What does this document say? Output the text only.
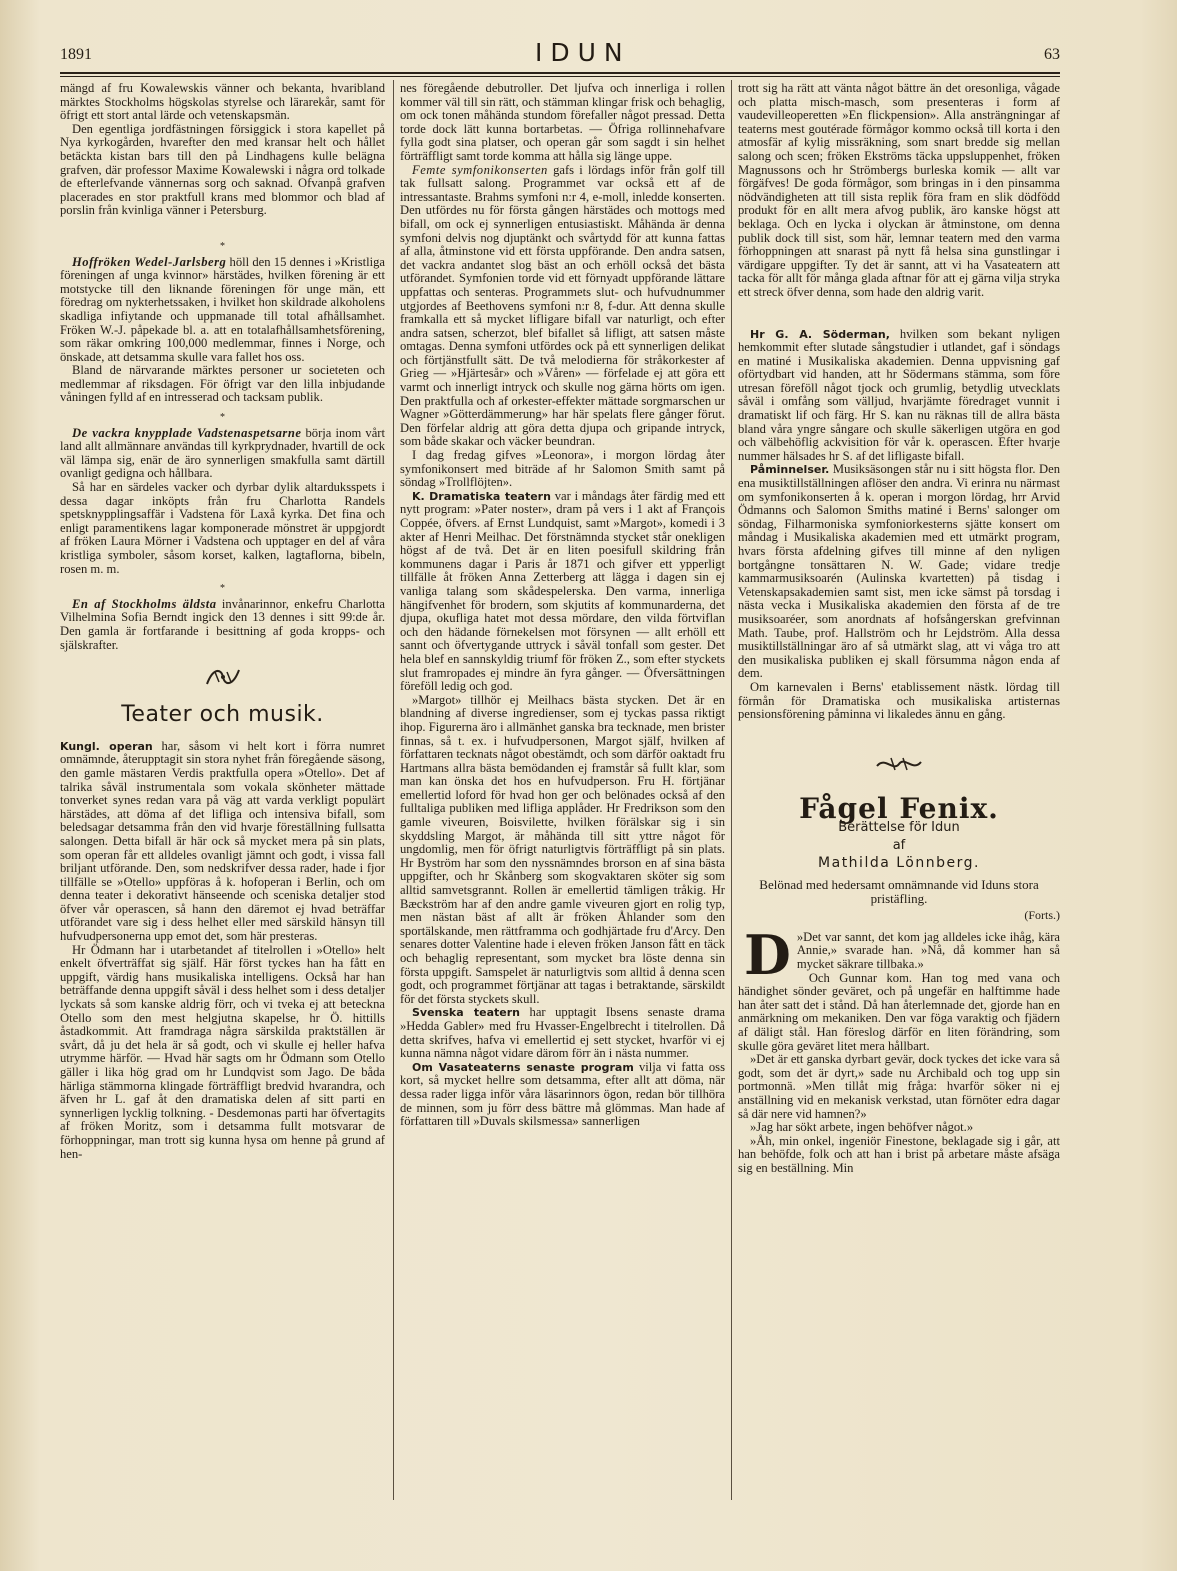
1891	IDUN	63

mängd af fru Kowalewskis vänner och bekanta, hvaribland märktes Stockholms högskolas styrelse och lärarekår, samt för öfrigt ett stort antal lärde och vetenskapsmän.

Den egentliga jordfästningen försiggick i stora kapellet på Nya kyrkogården, hvarefter den med kransar helt och hållet betäckta kistan bars till den på Lindhagens kulle belägna grafven, där professor Maxime Kowalewski i några ord tolkade de efterlefvande vännernas sorg och saknad. Ofvanpå grafven placerades en stor praktfull krans med blommor och blad af porslin från kvinliga vänner i Petersburg.

*

Hoffröken Wedel-Jarlsberg höll den 15 dennes i »Kristliga föreningen af unga kvinnor» härstädes, hvilken förening är ett motstycke till den liknande föreningen för unge män, ett föredrag om nykterhetssaken, i hvilket hon skildrade alkoholens skadliga infiytande och uppmanade till total afhållsamhet. Fröken W.-J. påpekade bl. a. att en totalafhållsamhetsförening, som räkar omkring 100,000 medlemmar, finnes i Norge, och önskade, att detsamma skulle vara fallet hos oss.

Bland de närvarande märktes personer ur societeten och medlemmar af riksdagen. För öfrigt var den lilla inbjudande våningen fylld af en intresserad och tacksam publik.

*

De vackra knypplade Vadstenaspetsarne börja inom vårt land allt allmännare användas till kyrkprydnader, hvartill de ock väl lämpa sig, enär de äro synnerligen smakfulla samt därtill ovanligt gedigna och hållbara.

Så har en särdeles vacker och dyrbar dylik altarduksspets i dessa dagar inköpts från fru Charlotta Randels spetsknypplingsaffär i Vadstena för Laxå kyrka. Det fina och enligt paramentikens lagar komponerade mönstret är uppgjordt af fröken Laura Mörner i Vadstena och upptager en del af våra kristliga symboler, såsom korset, kalken, lagtaflorna, bibeln, rosen m. m.

*

En af Stockholms äldsta invånarinnor, enkefru Charlotta Vilhelmina Sofia Berndt ingick den 13 dennes i sitt 99:de år. Den gamla är fortfarande i besittning af goda kropps- och själskrafter.

Teater och musik.

Kungl. operan har, såsom vi helt kort i förra numret omnämnde, återupptagit sin stora nyhet från föregående säsong, den gamle mästaren Verdis praktfulla opera »Otello». Det af talrika såväl instrumentala som vokala skönheter mättade tonverket synes redan vara på väg att varda verkligt populärt härstädes, att döma af det lifliga och intensiva bifall, som beledsagar detsamma från den vid hvarje föreställning fullsatta salongen. Detta bifall är här ock så mycket mera på sin plats, som operan får ett alldeles ovanligt jämnt och godt, i vissa fall briljant utförande. Den, som nedskrifver dessa rader, hade i fjor tillfälle se »Otello» uppföras å k. hofoperan i Berlin, och om denna teater i dekorativt hänseende och sceniska detaljer stod öfver vår operascen, så hann den däremot ej hvad beträffar utförandet vare sig i dess helhet eller med särskild hänsyn till hufvudpersonerna upp emot det, som här presteras.

Hr Ödmann har i utarbetandet af titelrollen i »Otello» helt enkelt öfverträffat sig själf. Här först tyckes han ha fått en uppgift, värdig hans musikaliska intelligens. Också har han beträffande denna uppgift såväl i dess helhet som i dess detaljer lyckats så som kanske aldrig förr, och vi tveka ej att beteckna Otello som den mest helgjutna skapelse, hr Ö. hittills åstadkommit. Att framdraga några särskilda praktställen är svårt, då ju det hela är så godt, och vi skulle ej heller hafva utrymme härför. — Hvad här sagts om hr Ödmann som Otello gäller i lika hög grad om hr Lundqvist som Jago. De båda härliga stämmorna klingade förträffligt bredvid hvarandra, och äfven hr L. gaf åt den dramatiska delen af sitt parti en synnerligen lycklig tolkning. - Desdemonas parti har öfvertagits af fröken Moritz, som i detsamma fullt motsvarar de förhoppningar, man trott sig kunna hysa om henne på grund af hen-

nes föregående debutroller. Det ljufva och innerliga i rollen kommer väl till sin rätt, och stämman klingar frisk och behaglig, om ock tonen måhända stundom förefaller något pressad. Detta torde dock lätt kunna bortarbetas. — Öfriga rollinnehafvare fylla godt sina platser, och operan går som sagdt i sin helhet förträffligt samt torde komma att hålla sig länge uppe.

Femte symfonikonserten gafs i lördags inför från golf till tak fullsatt salong. Programmet var också ett af de intressantaste. Brahms symfoni n:r 4, e-moll, inledde konserten. Den utfördes nu för första gången härstädes och mottogs med bifall, om ock ej synnerligen entusiastiskt. Måhända är denna symfoni delvis nog djuptänkt och svårtydd för att kunna fattas af alla, åtminstone vid ett första uppförande. Den andra satsen, det vackra andantet slog bäst an och erhöll också det bästa utförandet. Symfonien torde vid ett förnyadt uppförande lättare uppfattas och senteras. Programmets slut- och hufvudnummer utgjordes af Beethovens symfoni n:r 8, f-dur. Att denna skulle framkalla ett så mycket lifligare bifall var naturligt, och efter andra satsen, scherzot, blef bifallet så lifligt, att satsen måste omtagas. Denna symfoni utfördes ock på ett synnerligen delikat och förtjänstfullt sätt. De två melodierna för stråkorkester af Grieg — »Hjärtesår» och »Våren» — förfelade ej att göra ett varmt och innerligt intryck och skulle nog gärna hörts om igen. Den praktfulla och af orkester-effekter mättade sorgmarschen ur Wagner »Götterdämmerung» har här spelats flere gånger förut. Den förfelar aldrig att göra detta djupa och gripande intryck, som både skakar och väcker beundran.

I dag fredag gifves »Leonora», i morgon lördag åter symfonikonsert med biträde af hr Salomon Smith samt på söndag »Trollflöjten».

K. Dramatiska teatern var i måndags åter färdig med ett nytt program: »Pater noster», dram på vers i 1 akt af François Coppée, öfvers. af Ernst Lundquist, samt »Margot», komedi i 3 akter af Henri Meilhac. Det förstnämnda stycket står onekligen högst af de två. Det är en liten poesifull skildring från kommunens dagar i Paris år 1871 och gifver ett ypperligt tillfälle åt fröken Anna Zetterberg att lägga i dagen sin ej vanliga talang som skådespelerska. Den varma, innerliga hängifvenhet för brodern, som skjutits af kommunarderna, det djupa, okufliga hatet mot dessa mördare, den vilda förtviflan och den hädande förnekelsen mot försynen — allt erhöll ett sannt och öfvertygande uttryck i såväl tonfall som gester. Det hela blef en sannskyldig triumf för fröken Z., som efter styckets slut framropades ej mindre än fyra gånger. — Öfversättningen föreföll ledig och god.

»Margot» tillhör ej Meilhacs bästa stycken. Det är en blandning af diverse ingredienser, som ej tyckas passa riktigt ihop. Figurerna äro i allmänhet ganska bra tecknade, men brister finnas, så t. ex. i hufvudpersonen, Margot själf, hvilken af författaren tecknats något obestämdt, och som därför oaktadt fru Hartmans allra bästa bemödanden ej framstår så fullt klar, som man kan önska det hos en hufvudperson. Fru H. förtjänar emellertid loford för hvad hon ger och belönades också af den fulltaliga publiken med lifliga applåder. Hr Fredrikson som den gamle viveuren, Boisvilette, hvilken förälskar sig i sin skyddsling Margot, är måhända till sitt yttre något för ungdomlig, men för öfrigt naturligtvis förträffligt på sin plats. Hr Byström har som den nyssnämndes brorson en af sina bästa uppgifter, och hr Skånberg som skogvaktaren sköter sig som alltid samvetsgrannt. Rollen är emellertid tämligen tråkig. Hr Bæckström har af den andre gamle viveuren gjort en rolig typ, men nästan bäst af allt är fröken Åhlander som den sportälskande, men rättframma och godhjärtade fru d'Arcy. Den senares dotter Valentine hade i eleven fröken Janson fått en täck och behaglig representant, som mycket bra löste denna sin första uppgift. Samspelet är naturligtvis som alltid å denna scen godt, och programmet förtjänar att tagas i betraktande, särskildt för det första styckets skull.

Svenska teatern har upptagit Ibsens senaste drama »Hedda Gabler» med fru Hvasser-Engelbrecht i titelrollen. Då detta skrifves, hafva vi emellertid ej sett stycket, hvarför vi ej kunna nämna något vidare därom förr än i nästa nummer.

Om Vasateaterns senaste program vilja vi fatta oss kort, så mycket hellre som detsamma, efter allt att döma, när dessa rader ligga inför våra läsarinnors ögon, redan bör tillhöra de minnen, som ju förr dess bättre må glömmas. Man hade af författaren till »Duvals skilsmessa» sannerligen

trott sig ha rätt att vänta något bättre än det oresonliga, vågade och platta misch-masch, som presenteras i form af vaudevilleoperetten »En flickpension». Alla ansträngningar af teaterns mest goutérade förmågor kommo också till korta i den atmosfär af kylig missräkning, som snart bredde sig mellan salong och scen; fröken Ekströms täcka uppsluppenhet, fröken Magnussons och hr Strömbergs burleska komik — allt var förgäfves! De goda förmågor, som bringas in i den pinsamma nödvändigheten att till sista replik föra fram en slik dödfödd produkt för en allt mera afvog publik, äro kanske högst att beklaga. Och en lycka i olyckan är åtminstone, om denna publik dock till sist, som här, lemnar teatern med den varma förhoppningen att snarast på nytt få helsa sina gunstlingar i värdigare uppgifter. Ty det är sannt, att vi ha Vasateatern att tacka för allt för många glada aftnar för att ej gärna vilja stryka ett streck öfver denna, som hade den aldrig varit.

Hr G. A. Söderman, hvilken som bekant nyligen hemkommit efter slutade sångstudier i utlandet, gaf i söndags en matiné i Musikaliska akademien. Denna uppvisning gaf oförtydbart vid handen, att hr Södermans stämma, som före utresan föreföll något tjock och grumlig, betydlig utvecklats såväl i omfång som välljud, hvarjämte föredraget vunnit i dramatiskt lif och färg. Hr S. kan nu räknas till de allra bästa bland våra yngre sångare och skulle säkerligen utgöra en god och välbehöflig ackvisition för vår k. operascen. Efter hvarje nummer hälsades hr S. af det lifligaste bifall.

Påminnelser. Musiksäsongen står nu i sitt högsta flor. Den ena musiktillställningen aflöser den andra. Vi erinra nu närmast om symfonikonserten å k. operan i morgon lördag, hrr Arvid Ödmanns och Salomon Smiths matiné i Berns' salonger om söndag, Filharmoniska symfoniorkesterns sjätte konsert om måndag i Musikaliska akademien med ett utmärkt program, hvars första afdelning gifves till minne af den nyligen bortgångne tonsättaren N. W. Gade; vidare tredje kammarmusiksoarén (Aulinska kvartetten) på tisdag i Vetenskapsakademien samt sist, men icke sämst på torsdag i nästa vecka i Musikaliska akademien den första af de tre musiksoaréer, som anordnats af hofsångerskan grefvinnan Math. Taube, prof. Hallström och hr Lejdström. Alla dessa musiktillställningar äro af så utmärkt slag, att vi våga tro att den musikaliska publiken ej skall försumma någon enda af dem.

Om karnevalen i Berns' etablissement nästk. lördag till förmån för Dramatiska och musikaliska artisternas pensionsförening påminna vi likaledes ännu en gång.

Fågel Fenix.
Berättelse för Idun
af
Mathilda Lönnberg.
Belönad med hedersamt omnämnande vid Iduns stora pristäfling.
(Forts.)

D »Det var sannt, det kom jag alldeles icke ihåg, kära Annie,» svarade han. »Nå, då kommer han så mycket säkrare tillbaka.»

Och Gunnar kom. Han tog med vana och händighet sönder geväret, och på ungefär en halftimme hade han åter satt det i stånd. Då han återlemnade det, gjorde han en anmärkning om mekaniken. Den var föga varaktig och fjädern af däligt stål. Han föreslog därför en liten förändring, som skulle göra geväret litet mera hållbart.

»Det är ett ganska dyrbart gevär, dock tyckes det icke vara så godt, som det är dyrt,» sade nu Archibald och tog upp sin portmonnä. »Men tillåt mig fråga: hvarför söker ni ej anställning vid en mekanisk verkstad, utan förnöter edra dagar så där nere vid hamnen?»

»Jag har sökt arbete, ingen behöfver något.»

»Åh, min onkel, ingeniör Finestone, beklagade sig i går, att han behöfde, folk och att han i brist på arbetare måste afsäga sig en beställning. Min
